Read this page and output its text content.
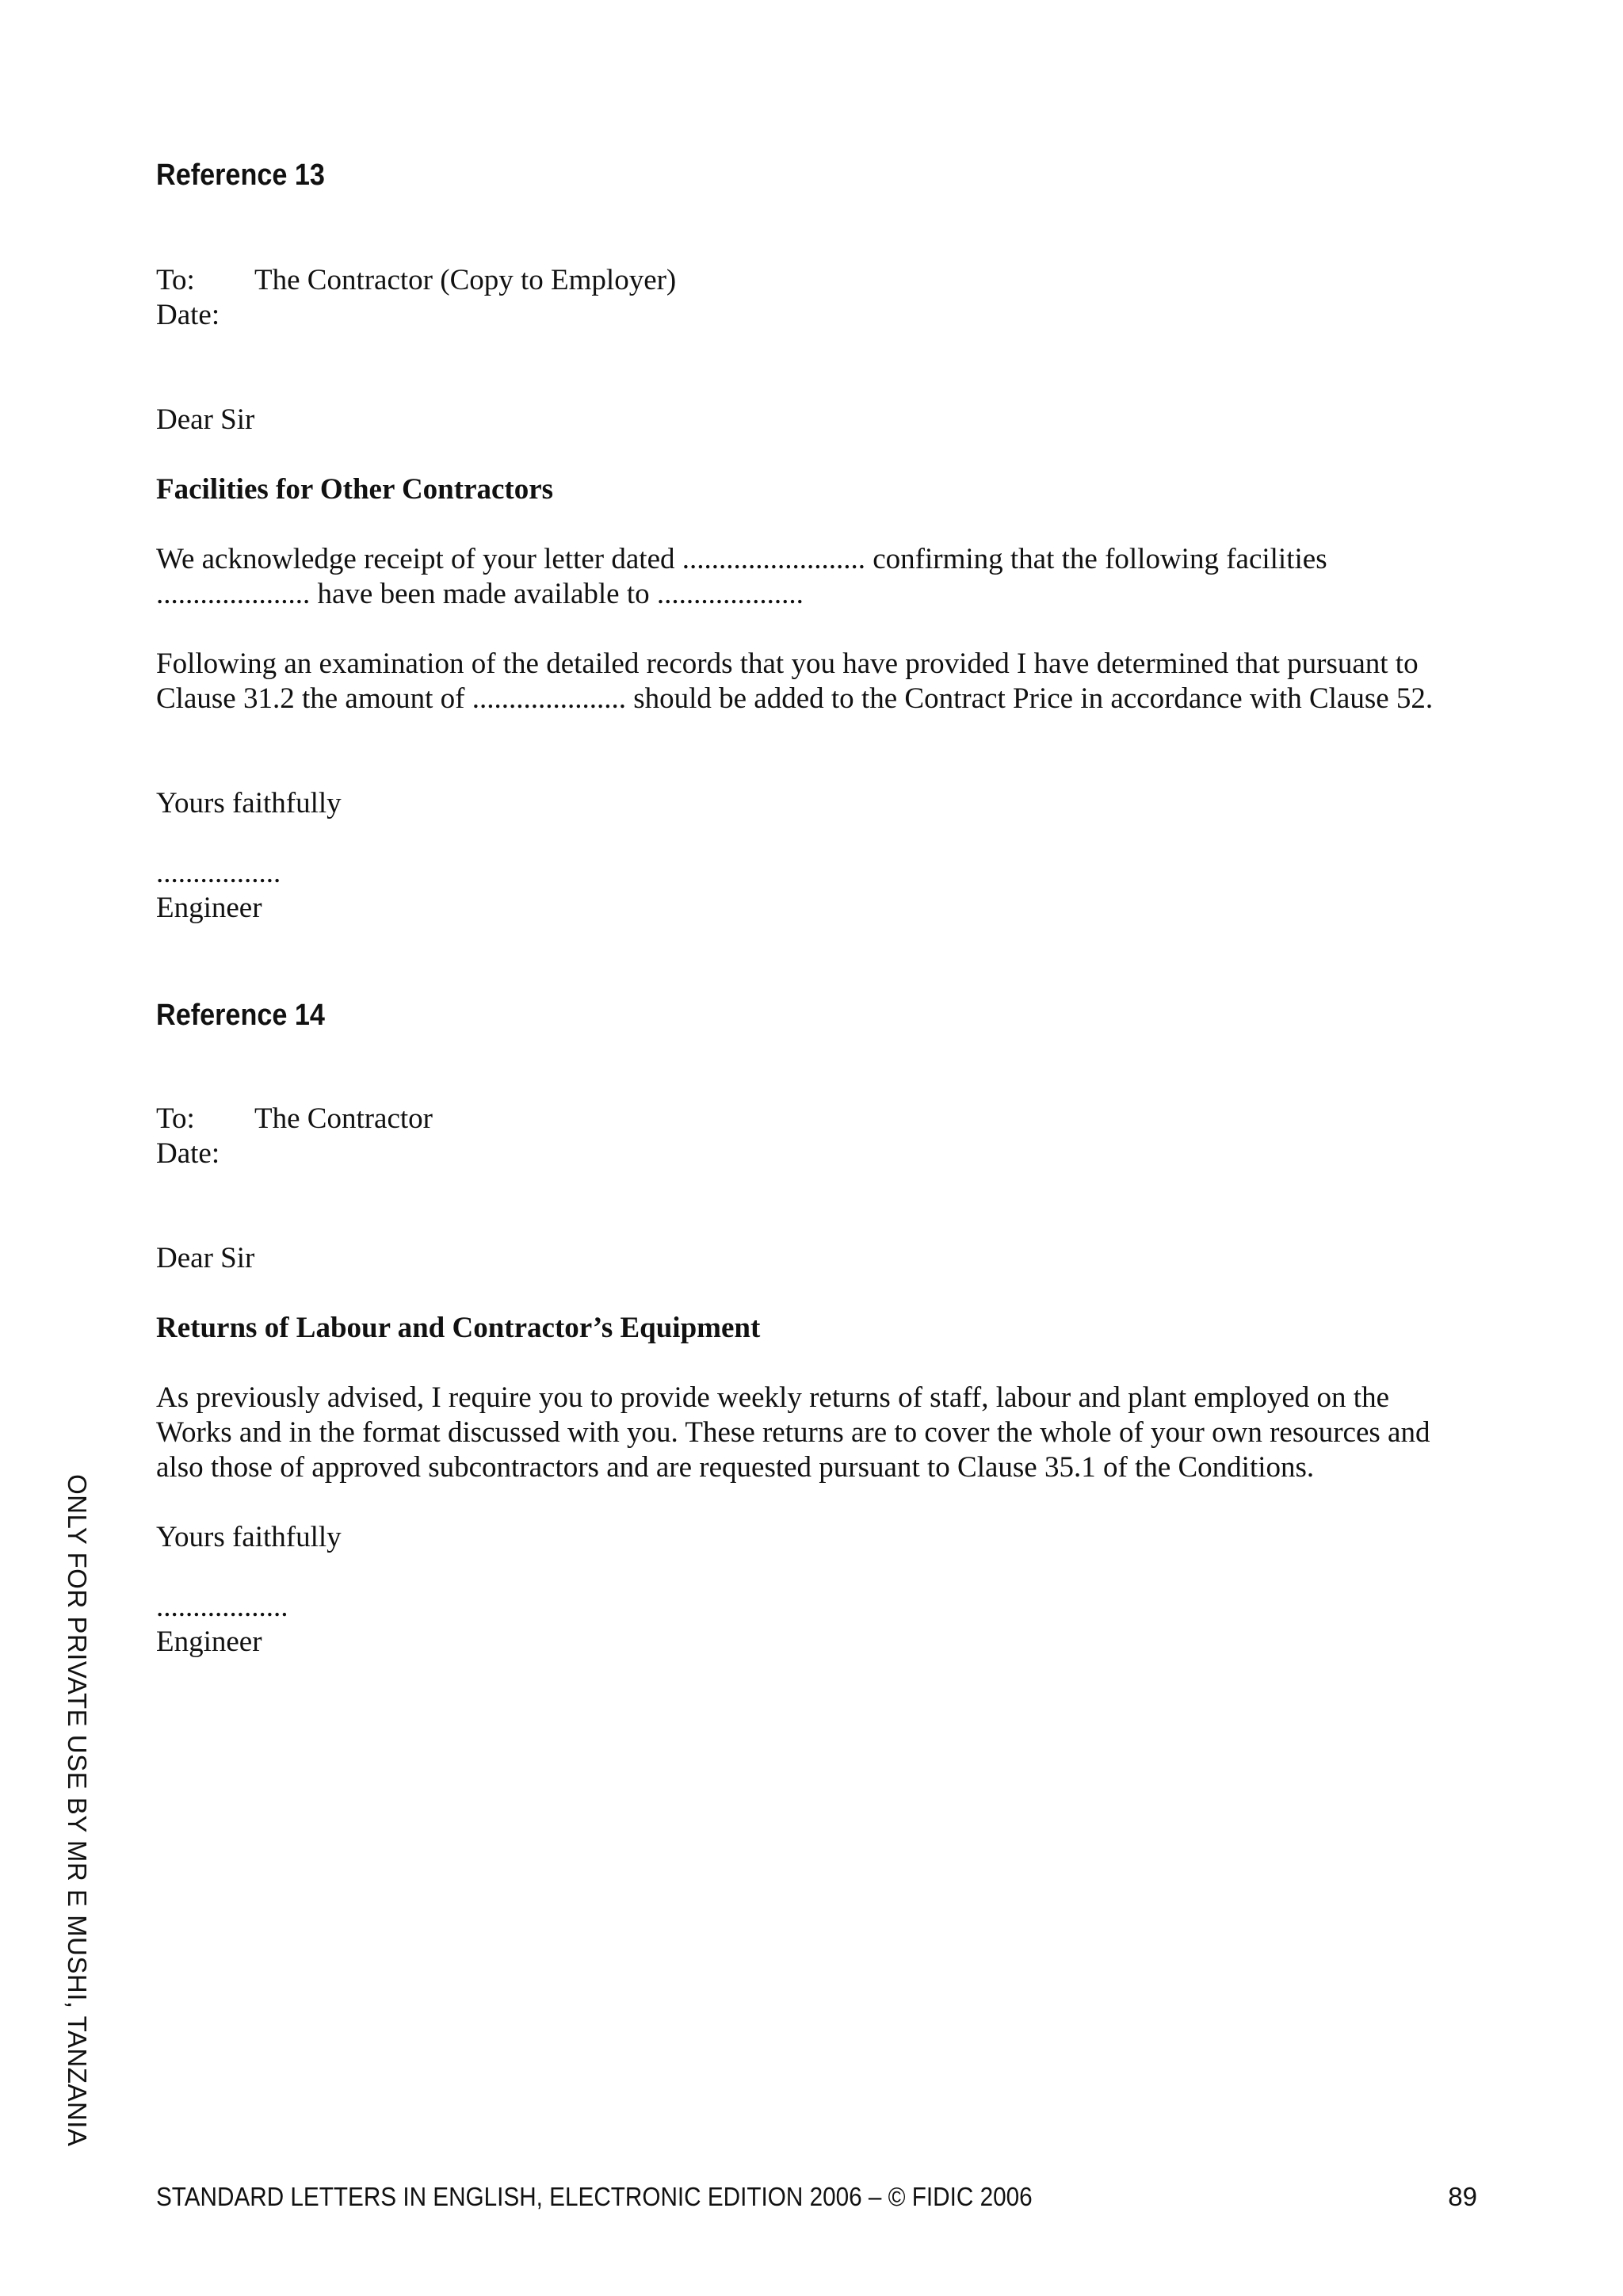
Reference 13

To:	The Contractor (Copy to Employer)
Date:

Dear Sir

Facilities for Other Contractors

We acknowledge receipt of your letter dated ......................... confirming that the following facilities

..................... have been made available to ....................

Following an examination of the detailed records that you have provided I have determined that pursuant to

Clause 31.2 the amount of ..................... should be added to the Contract Price in accordance with Clause 52.

Yours faithfully

.................

Engineer

Reference 14

To:	The Contractor
Date:

Dear Sir

Returns of Labour and Contractor’s Equipment

As previously advised, I require you to provide weekly returns of staff, labour and plant employed on the

Works and in the format discussed with you. These returns are to cover the whole of your own resources and

also those of approved subcontractors and are requested pursuant to Clause 35.1 of the Conditions.

Yours faithfully

..................

Engineer

ONLY FOR PRIVATE USE BY MR E MUSHI, TANZANIA
STANDARD LETTERS IN ENGLISH, ELECTRONIC EDITION 2006 – © FIDIC 2006	89
